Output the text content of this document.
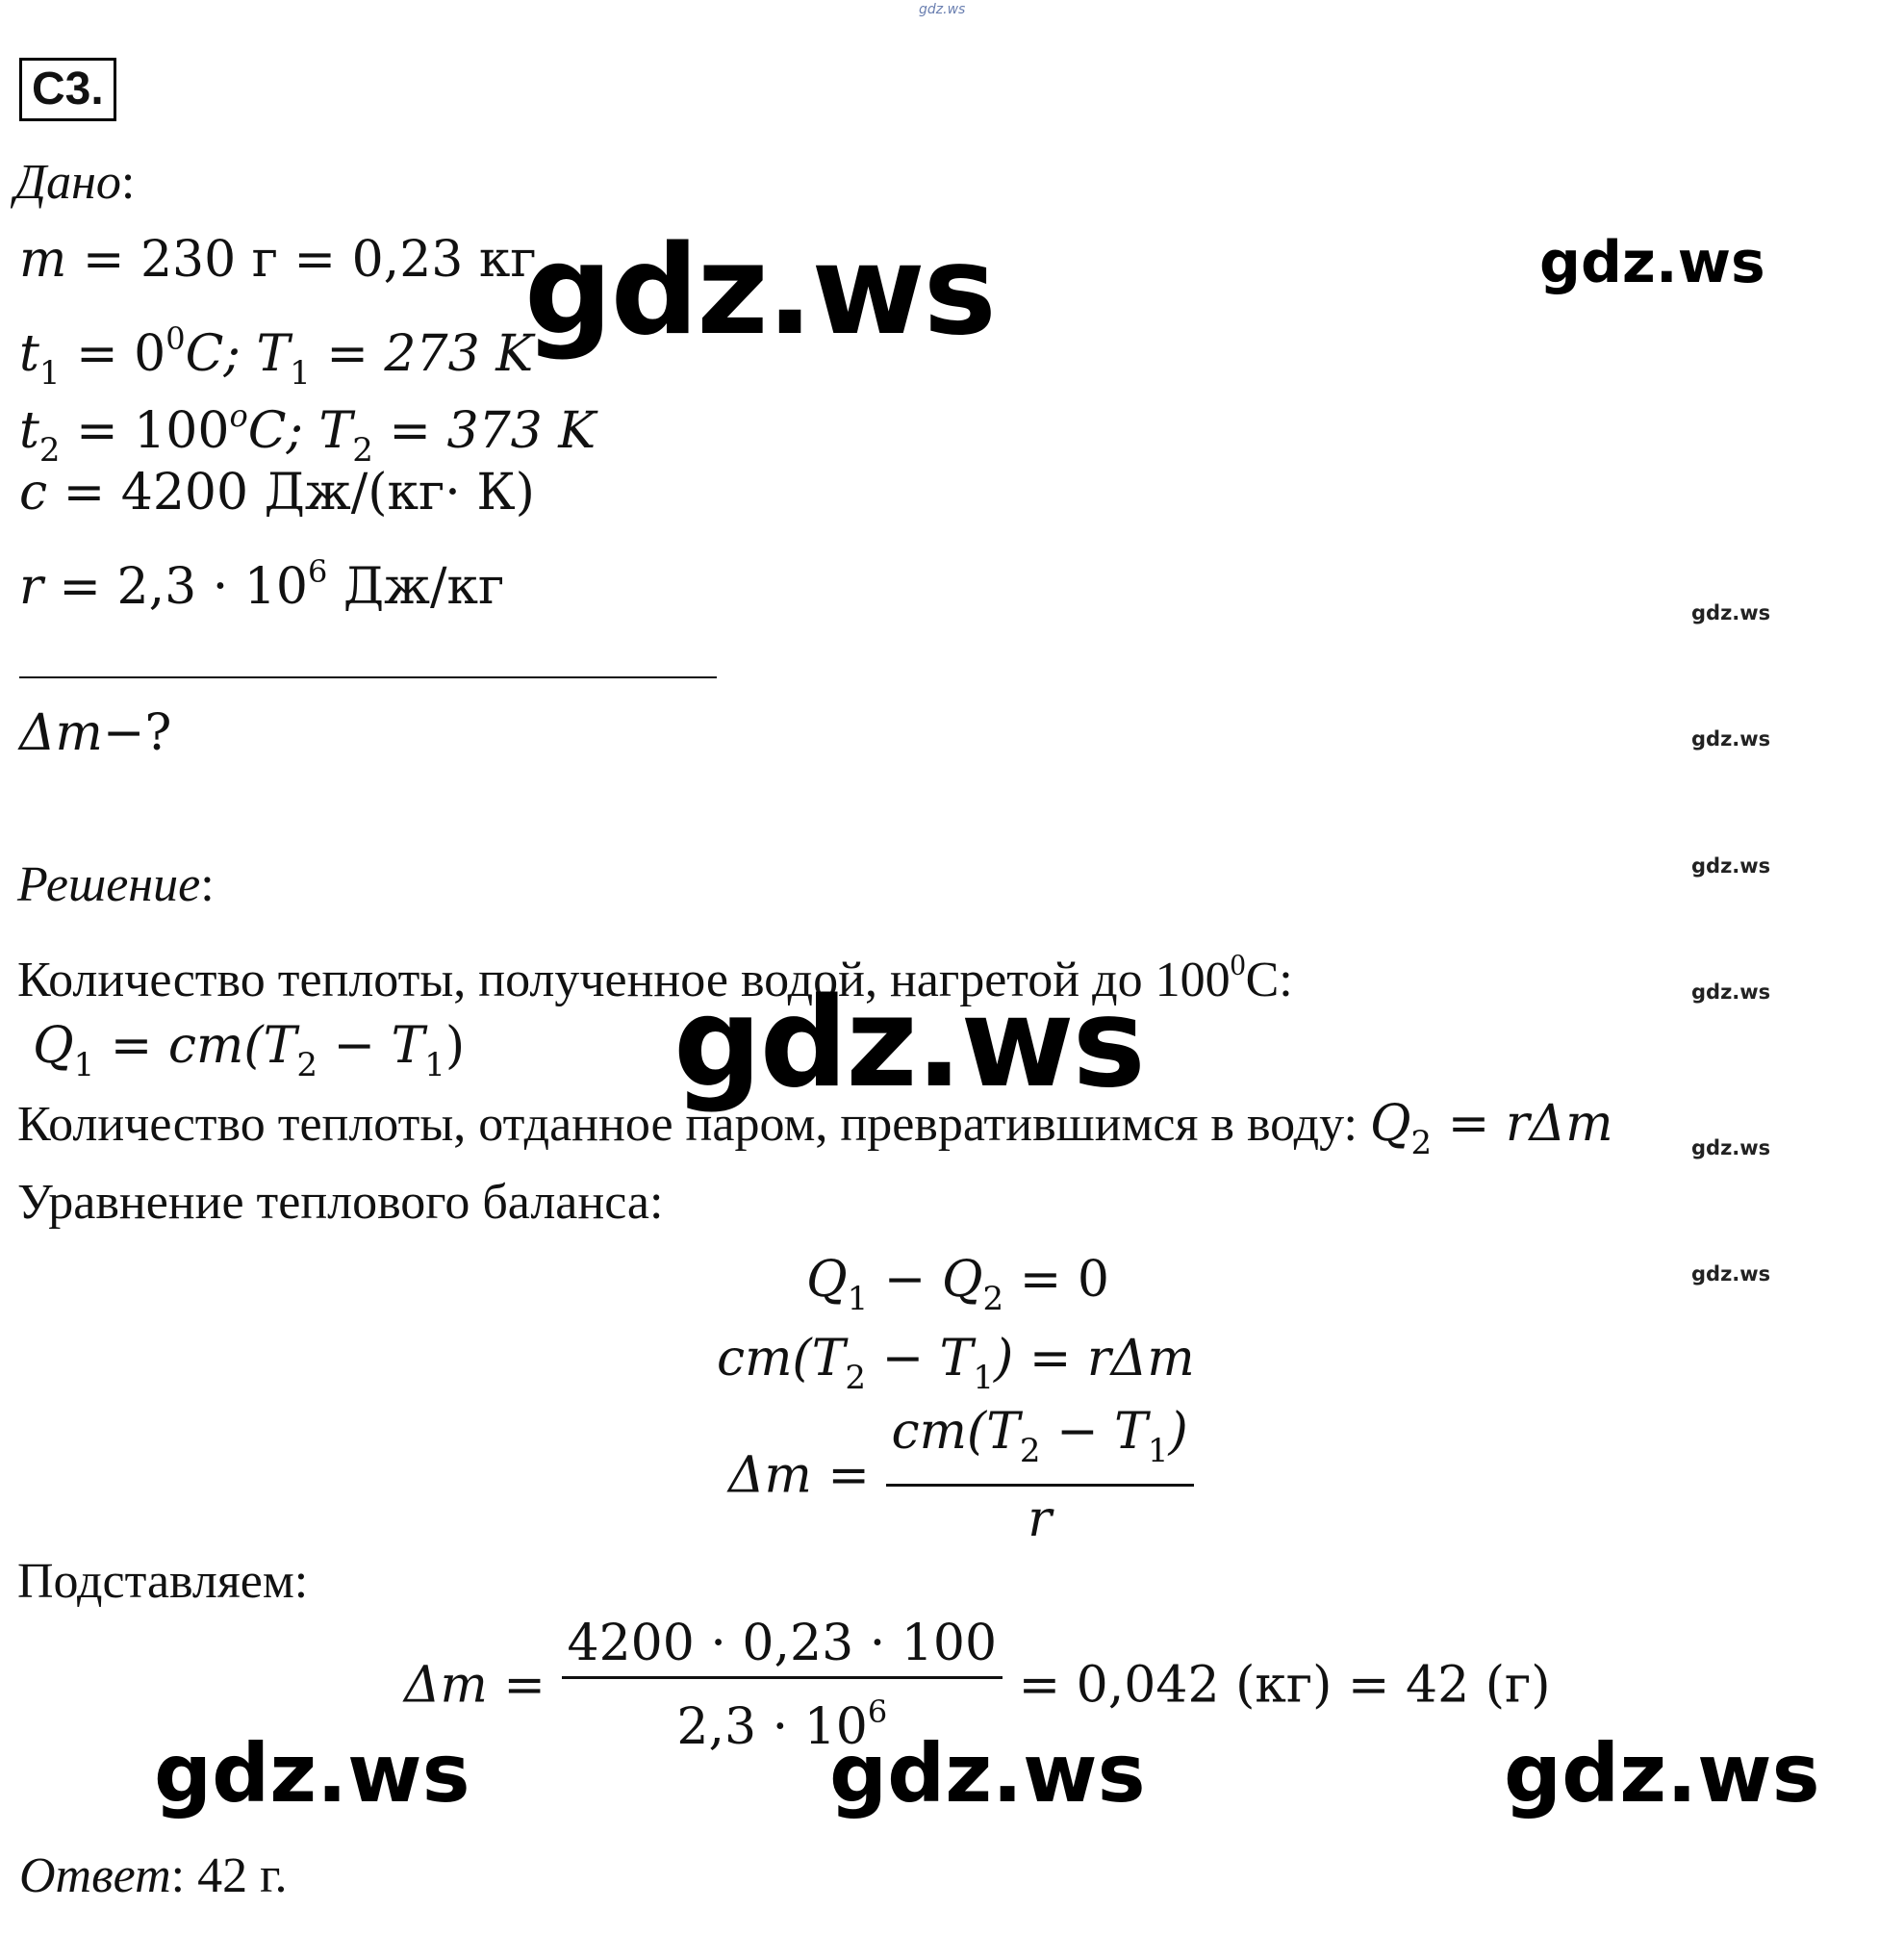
gdz.ws
C3.
Дано:
m = 230 г = 0,23 кг
$t_1 = 0^0C$; $T_1 = 273$ K
$t_2 = 100^oC$; $T_2 = 373$ K
c = 4200 Дж/(кг· К)
$r = 2,3 \cdot 10^6$ Дж/кг
Δm−?
gdz.ws	gdz.ws
gdz.ws
gdz.ws
gdz.ws
gdz.ws
gdz.ws
gdz.ws
Решение:
Количество теплоты, полученное водой, нагретой до $100^0С$:
$Q_1 = cm(T_2 - T_1)$ gdz.ws
Количество теплоты, отданное паром, превратившимся в воду: $Q_2 = r\Delta m$
Уравнение теплового баланса:
$Q_1 - Q_2 = 0$
$cm(T_2 - T_1) = r\Delta m$
$\Delta m = \frac{cm(T_2 - T_1)}{r}$
Подставляем:
$\Delta m = \frac{4200 \cdot 0,23 \cdot 100}{2,3 \cdot 10^6} = 0,042$ (кг) = 42 (г)
gdz.ws	gdz.ws	gdz.ws
Ответ: 42 г.
